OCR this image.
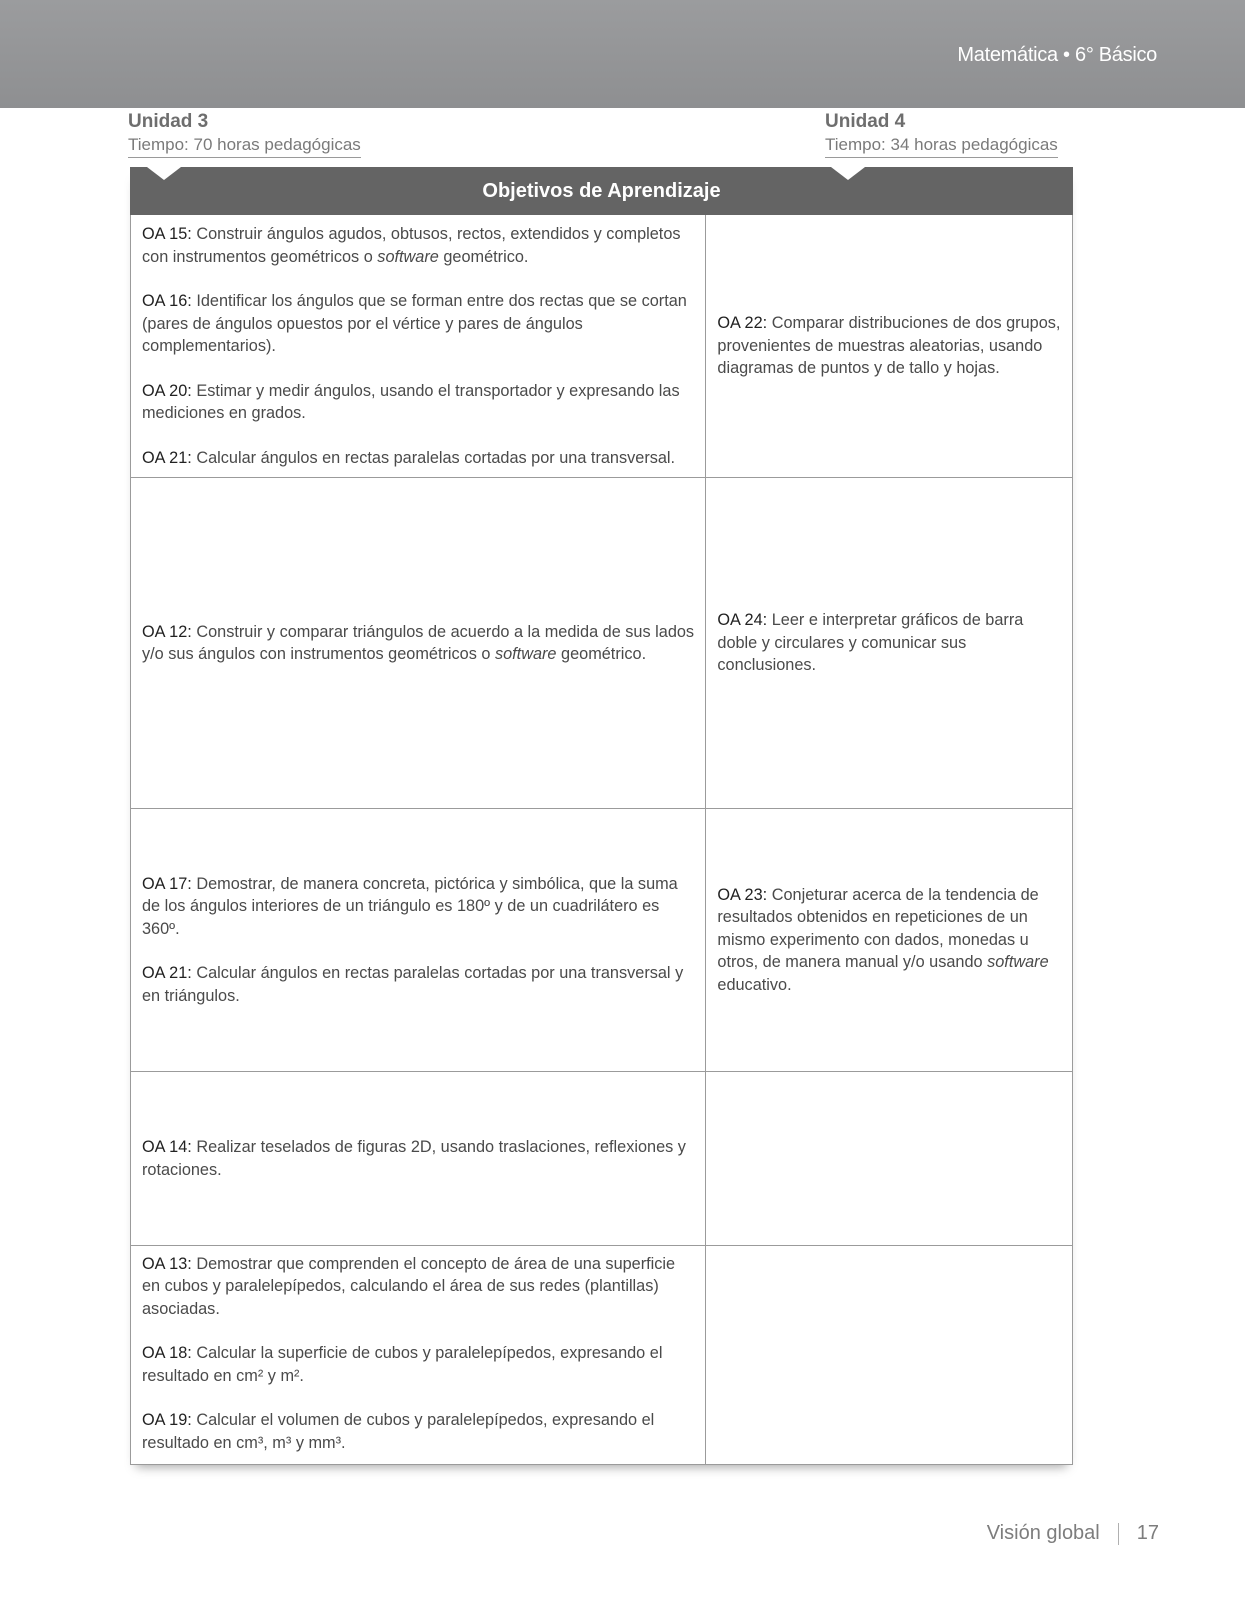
Matemática • 6° Básico
Unidad 3
Tiempo: 70 horas pedagógicas
Unidad 4
Tiempo: 34 horas pedagógicas
Objetivos de Aprendizaje

OA 15: Construir ángulos agudos, obtusos, rectos, extendidos y completos con instrumentos geométricos o software geométrico.

OA 16: Identificar los ángulos que se forman entre dos rectas que se cortan (pares de ángulos opuestos por el vértice y pares de ángulos complementarios).

OA 20: Estimar y medir ángulos, usando el transportador y expresando las mediciones en grados.

OA 21: Calcular ángulos en rectas paralelas cortadas por una transversal.

OA 22: Comparar distribuciones de dos grupos, provenientes de muestras aleatorias, usando diagramas de puntos y de tallo y hojas.

OA 12: Construir y comparar triángulos de acuerdo a la medida de sus lados y/o sus ángulos con instrumentos geométricos o software geométrico.

OA 24: Leer e interpretar gráficos de barra doble y circulares y comunicar sus conclusiones.

OA 17: Demostrar, de manera concreta, pictórica y simbólica, que la suma de los ángulos interiores de un triángulo es 180º y de un cuadrilátero es 360º.

OA 21: Calcular ángulos en rectas paralelas cortadas por una transversal y en triángulos.

OA 23: Conjeturar acerca de la tendencia de resultados obtenidos en repeticiones de un mismo experimento con dados, monedas u otros, de manera manual y/o usando software educativo.

OA 14: Realizar teselados de figuras 2D, usando traslaciones, reflexiones y rotaciones.

OA 13: Demostrar que comprenden el concepto de área de una superficie en cubos y paralelepípedos, calculando el área de sus redes (plantillas) asociadas.

OA 18: Calcular la superficie de cubos y paralelepípedos, expresando el resultado en cm² y m².

OA 19: Calcular el volumen de cubos y paralelepípedos, expresando el resultado en cm³, m³ y mm³.

Visión global 17
